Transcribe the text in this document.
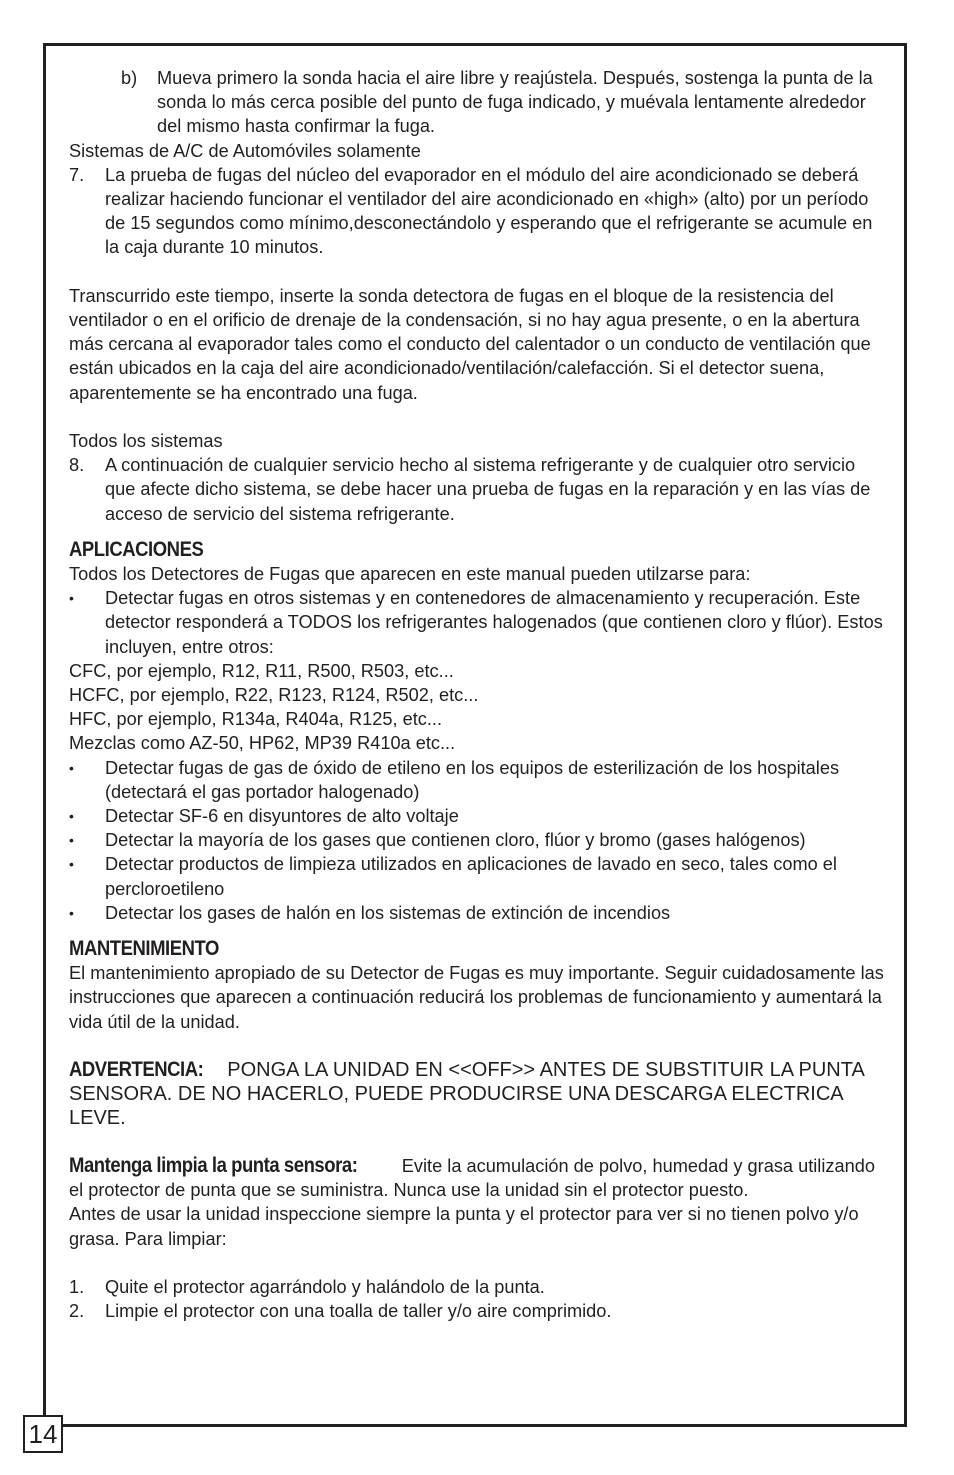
b)	Mueva primero la sonda hacia el aire libre y reajústela. Después, sostenga la punta de la sonda lo más cerca posible del punto de fuga indicado, y muévala lentamente alrededor del mismo hasta confirmar la fuga.

Sistemas de A/C de Automóviles solamente

7.	La prueba de fugas del núcleo del evaporador en el módulo del aire acondicionado se deberá realizar haciendo funcionar el ventilador del aire acondicionado en «high» (alto) por un período de 15 segundos como mínimo,desconectándolo y esperando que el refrigerante se acumule en la caja durante 10 minutos.

Transcurrido este tiempo, inserte la sonda detectora de fugas en el bloque de la resistencia del ventilador o en el orificio de drenaje de la condensación, si no hay agua presente, o en la abertura más cercana al evaporador tales como el conducto del calentador o un conducto de ventilación que están ubicados en la caja del aire acondicionado/ventilación/calefacción. Si el detector suena, aparentemente se ha encontrado una fuga.

Todos los sistemas

8.	A continuación de cualquier servicio hecho al sistema refrigerante y de cualquier otro servicio que afecte dicho sistema, se debe hacer una prueba de fugas en la reparación y en las vías de acceso de servicio del sistema refrigerante.

APLICACIONES

Todos los Detectores de Fugas que aparecen en este manual pueden utilzarse para:

•	Detectar fugas en otros sistemas y en contenedores de almacenamiento y recuperación. Este detector responderá a TODOS los refrigerantes halogenados (que contienen cloro y flúor). Estos incluyen, entre otros:

CFC, por ejemplo, R12, R11, R500, R503, etc...

HCFC, por ejemplo, R22, R123, R124, R502, etc...

HFC, por ejemplo, R134a, R404a, R125, etc...

Mezclas como AZ-50, HP62, MP39 R410a etc...

•	Detectar fugas de gas de óxido de etileno en los equipos de esterilización de los hospitales (detectará el gas portador halogenado)
•	Detectar SF-6 en disyuntores de alto voltaje
•	Detectar la mayoría de los gases que contienen cloro, flúor y bromo (gases halógenos)
•	Detectar productos de limpieza utilizados en aplicaciones de lavado en seco, tales como el percloroetileno
•	Detectar los gases de halón en los sistemas de extinción de incendios

MANTENIMIENTO

El mantenimiento apropiado de su Detector de Fugas es muy importante. Seguir cuidadosamente las instrucciones que aparecen a continuación reducirá los problemas de funcionamiento y aumentará la vida útil de la unidad.

ADVERTENCIA: PONGA LA UNIDAD EN <<OFF>> ANTES DE SUBSTITUIR LA PUNTA SENSORA. DE NO HACERLO, PUEDE PRODUCIRSE UNA DESCARGA ELECTRICA LEVE.

Mantenga limpia la punta sensora: Evite la acumulación de polvo, humedad y grasa utilizando el protector de punta que se suministra. Nunca use la unidad sin el protector puesto.

Antes de usar la unidad inspeccione siempre la punta y el protector para ver si no tienen polvo y/o grasa. Para limpiar:

1.	Quite el protector agarrándolo y halándolo de la punta.
2.	Limpie el protector con una toalla de taller y/o aire comprimido.
14
